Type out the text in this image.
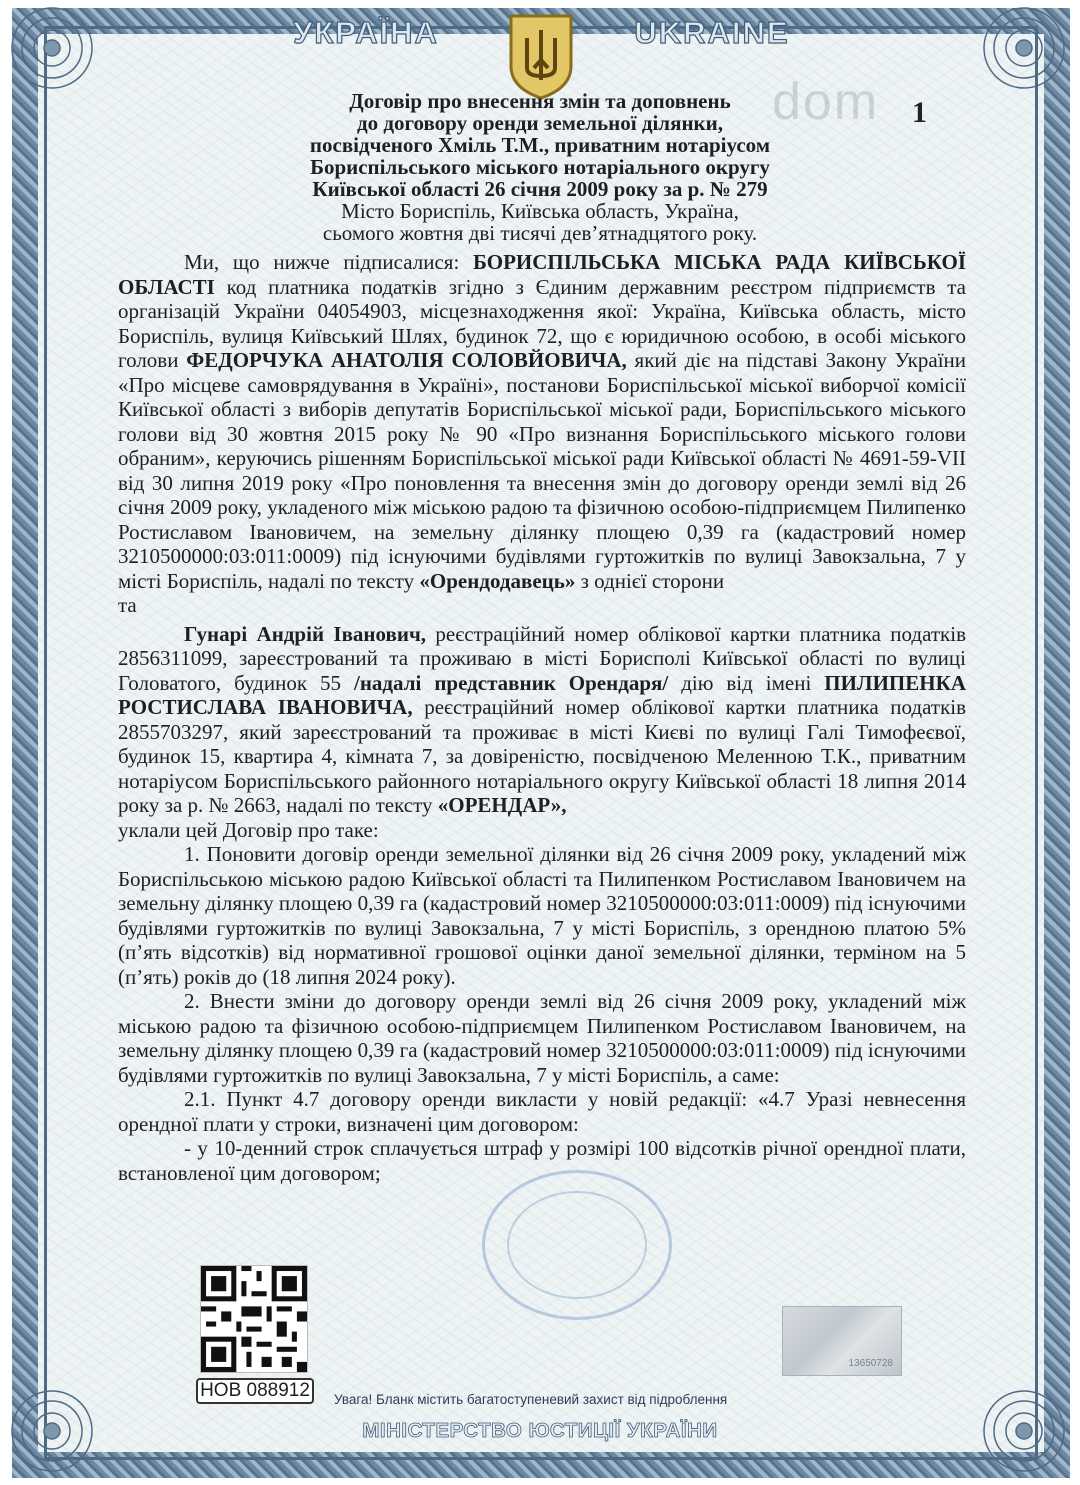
УКРАЇНА	UKRAINE
dom	1
Договір про внесення змін та доповнень
до договору оренди земельної ділянки,
посвідченого Хміль Т.М., приватним нотаріусом
Бориспільського міського нотаріального округу
Київської області 26 січня 2009 року за р. № 279
Місто Бориспіль, Київська область, Україна,
сьомого жовтня дві тисячі дев’ятнадцятого року.

Ми, що нижче підписалися: БОРИСПІЛЬСЬКА МІСЬКА РАДА КИЇВСЬКОЇ ОБЛАСТІ код платника податків згідно з Єдиним державним реєстром підприємств та організацій України 04054903, місцезнаходження якої: Україна, Київська область, місто Бориспіль, вулиця Київський Шлях, будинок 72, що є юридичною особою, в особі міського голови ФЕДОРЧУКА АНАТОЛІЯ СОЛОВЙОВИЧА, який діє на підставі Закону України «Про місцеве самоврядування в Україні», постанови Бориспільської міської виборчої комісії Київської області з виборів депутатів Бориспільської міської ради, Бориспільського міського голови від 30 жовтня 2015 року № 90 «Про визнання Бориспільського міського голови обраним», керуючись рішенням Бориспільської міської ради Київської області № 4691-59-VII від 30 липня 2019 року «Про поновлення та внесення змін до договору оренди землі від 26 січня 2009 року, укладеного між міською радою та фізичною особою-підприємцем Пилипенко Ростиславом Івановичем, на земельну ділянку площею 0,39 га (кадастровий номер 3210500000:03:011:0009) під існуючими будівлями гуртожитків по вулиці Завокзальна, 7 у місті Бориспіль, надалі по тексту «Орендодавець» з однієї сторони

та

Гунарі Андрій Іванович, реєстраційний номер облікової картки платника податків 2856311099, зареєстрований та проживаю в місті Борисполі Київської області по вулиці Головатого, будинок 55 /надалі представник Орендаря/ дію від імені ПИЛИПЕНКА РОСТИСЛАВА ІВАНОВИЧА, реєстраційний номер облікової картки платника податків 2855703297, який зареєстрований та проживає в місті Києві по вулиці Галі Тимофеєвої, будинок 15, квартира 4, кімната 7, за довіреністю, посвідченою Меленною Т.К., приватним нотаріусом Бориспільського районного нотаріального округу Київської області 18 липня 2014 року за р. № 2663, надалі по тексту «ОРЕНДАР»,

уклали цей Договір про таке:

1. Поновити договір оренди земельної ділянки від 26 січня 2009 року, укладений між Бориспільською міською радою Київської області та Пилипенком Ростиславом Івановичем на земельну ділянку площею 0,39 га (кадастровий номер 3210500000:03:011:0009) під існуючими будівлями гуртожитків по вулиці Завокзальна, 7 у місті Бориспіль, з орендною платою 5% (п’ять відсотків) від нормативної грошової оцінки даної земельної ділянки, терміном на 5 (п’ять) років до (18 липня 2024 року).

2. Внести зміни до договору оренди землі від 26 січня 2009 року, укладений між міською радою та фізичною особою-підприємцем Пилипенком Ростиславом Івановичем, на земельну ділянку площею 0,39 га (кадастровий номер 3210500000:03:011:0009) під існуючими будівлями гуртожитків по вулиці Завокзальна, 7 у місті Бориспіль, а саме:

2.1. Пункт 4.7 договору оренди викласти у новій редакції: «4.7 Уразі невнесення орендної плати у строки, визначені цим договором:

- у 10-денний строк сплачується штраф у розмірі 100 відсотків річної орендної плати, встановленої цим договором;

НОВ 088912	Увага! Бланк містить багатоступеневий захист від підроблення
МІНІСТЕРСТВО ЮСТИЦІЇ УКРАЇНИ
13650728
